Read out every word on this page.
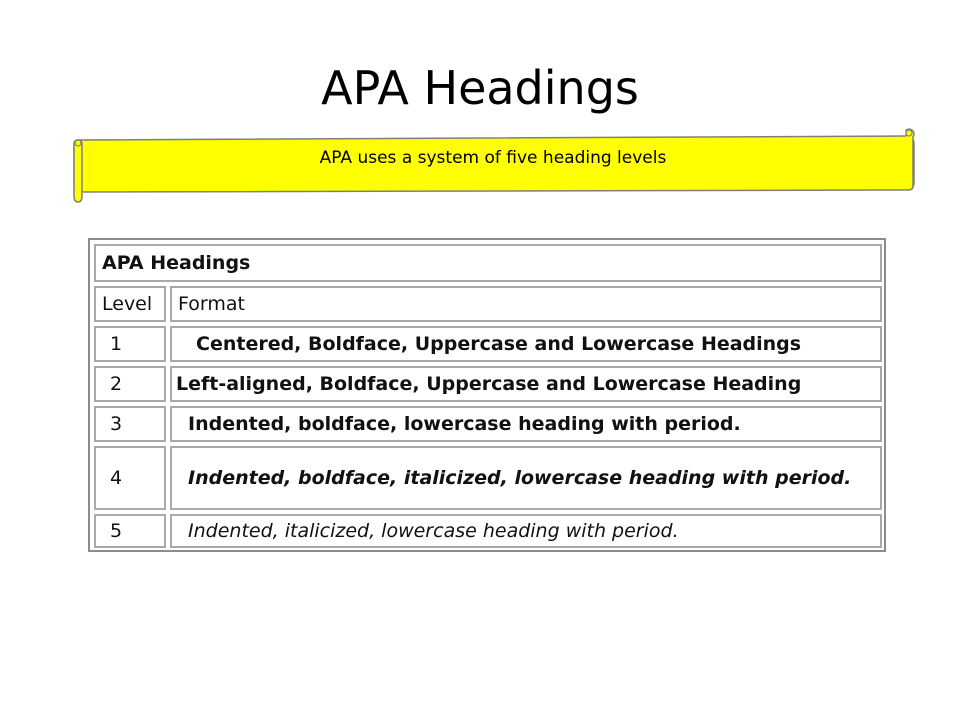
APA Headings
APA uses a system of five heading levels
APA Headings
Level	Format
1	Centered, Boldface, Uppercase and Lowercase Headings
2	Left-aligned, Boldface, Uppercase and Lowercase Heading
3	Indented, boldface, lowercase heading with period.
4	Indented, boldface, italicized, lowercase heading with period.
5	Indented, italicized, lowercase heading with period.
